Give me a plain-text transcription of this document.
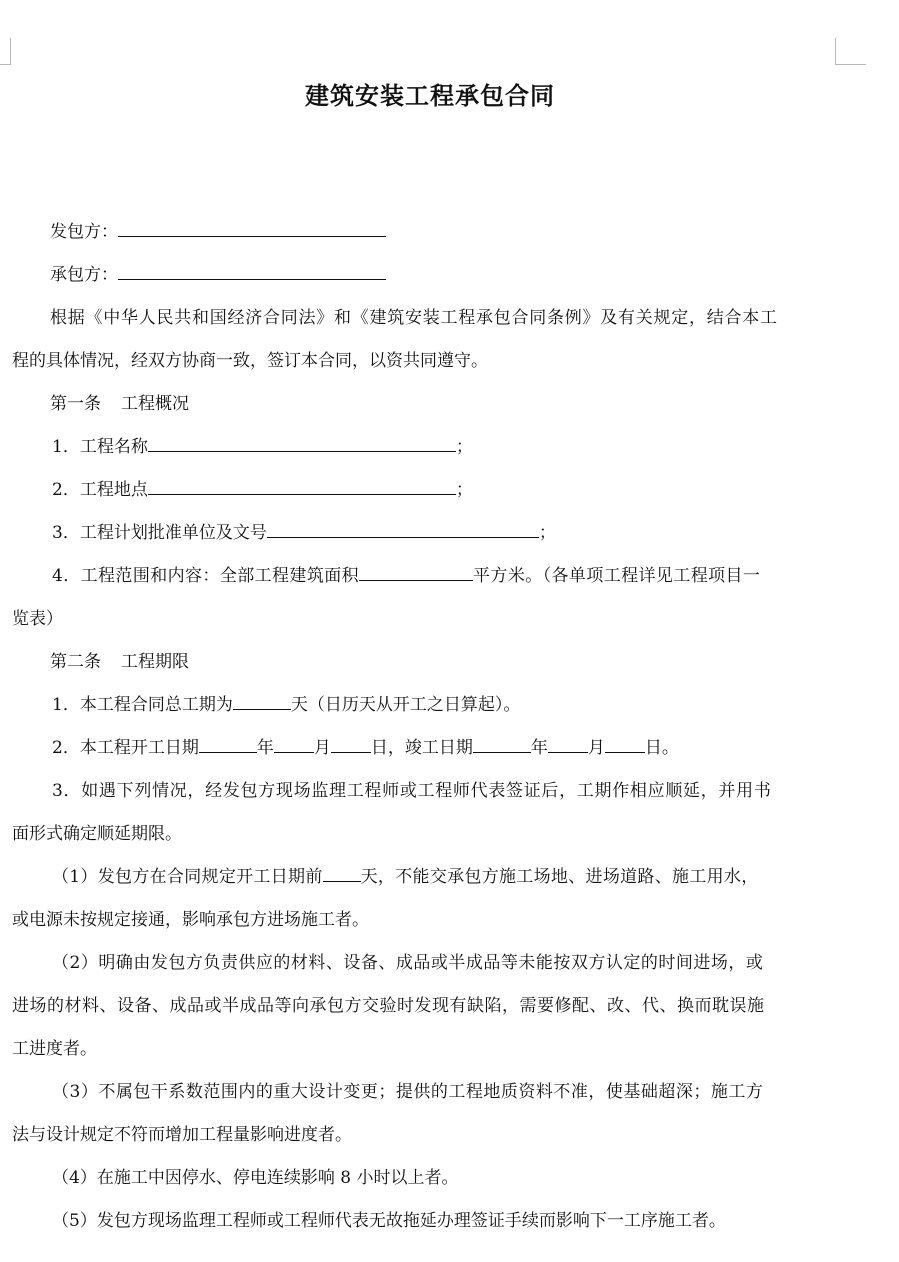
建筑安装工程承包合同
发包方：
承包方：
根据《中华人民共和国经济合同法》和《建筑安装工程承包合同条例》及有关规定，结合本工
程的具体情况，经双方协商一致，签订本合同，以资共同遵守。
第一条 工程概况
1．工程名称	；
2．工程地点	；
3．工程计划批准单位及文号	；
4．工程范围和内容：全部工程建筑面积	平方米。（各单项工程详见工程项目一
览表）
第二条 工程期限
1．本工程合同总工期为	天（日历天从开工之日算起）。
2．本工程开工日期	年 月 日，竣工日期	年 月 日。
3．如遇下列情况，经发包方现场监理工程师或工程师代表签证后，工期作相应顺延，并用书
面形式确定顺延期限。
（1）发包方在合同规定开工日期前 天，不能交承包方施工场地、进场道路、施工用水，
或电源未按规定接通，影响承包方进场施工者。
（2）明确由发包方负责供应的材料、设备、成品或半成品等未能按双方认定的时间进场，或
进场的材料、设备、成品或半成品等向承包方交验时发现有缺陷，需要修配、改、代、换而耽误施
工进度者。
（3）不属包干系数范围内的重大设计变更；提供的工程地质资料不准，使基础超深；施工方
法与设计规定不符而增加工程量影响进度者。
（4）在施工中因停水、停电连续影响 8 小时以上者。
（5）发包方现场监理工程师或工程师代表无故拖延办理签证手续而影响下一工序施工者。
